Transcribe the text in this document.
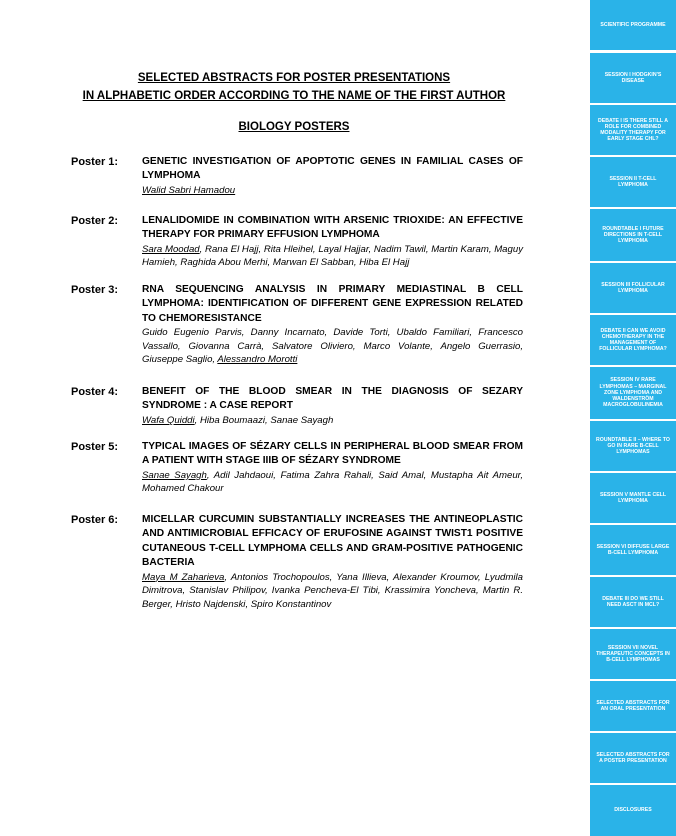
SELECTED ABSTRACTS FOR POSTER PRESENTATIONS
IN ALPHABETIC ORDER ACCORDING TO THE NAME OF THE FIRST AUTHOR
BIOLOGY POSTERS
Poster 1: GENETIC INVESTIGATION OF APOPTOTIC GENES IN FAMILIAL CASES OF LYMPHOMA
Walid Sabri Hamadou
Poster 2: LENALIDOMIDE IN COMBINATION WITH ARSENIC TRIOXIDE: AN EFFECTIVE THERAPY FOR PRIMARY EFFUSION LYMPHOMA
Sara Moodad, Rana El Hajj, Rita Hleihel, Layal Hajjar, Nadim Tawil, Martin Karam, Maguy Hamieh, Raghida Abou Merhi, Marwan El Sabban, Hiba El Hajj
Poster 3: RNA SEQUENCING ANALYSIS IN PRIMARY MEDIASTINAL B CELL LYMPHOMA: IDENTIFICATION OF DIFFERENT GENE EXPRESSION RELATED TO CHEMORESISTANCE
Guido Eugenio Parvis, Danny Incarnato, Davide Torti, Ubaldo Familiari, Francesco Vassallo, Giovanna Carrà, Salvatore Oliviero, Marco Volante, Angelo Guerrasio, Giuseppe Saglio, Alessandro Morotti
Poster 4: BENEFIT OF THE BLOOD SMEAR IN THE DIAGNOSIS OF SEZARY SYNDROME : A CASE REPORT
Wafa Quiddi, Hiba Boumaazi, Sanae Sayagh
Poster 5: TYPICAL IMAGES OF SÉZARY CELLS IN PERIPHERAL BLOOD SMEAR FROM A PATIENT WITH STAGE IIIB OF SÉZARY SYNDROME
Sanae Sayagh, Adil Jahdaoui, Fatima Zahra Rahali, Said Amal, Mustapha Ait Ameur, Mohamed Chakour
Poster 6: MICELLAR CURCUMIN SUBSTANTIALLY INCREASES THE ANTINEOPLASTIC AND ANTIMICROBIAL EFFICACY OF ERUFOSINE AGAINST TWIST1 POSITIVE CUTANEOUS T-CELL LYMPHOMA CELLS AND GRAM-POSITIVE PATHOGENIC BACTERIA
Maya M Zaharieva, Antonios Trochopoulos, Yana Illieva, Alexander Kroumov, Lyudmila Dimitrova, Stanislav Philipov, Ivanka Pencheva-El Tibi, Krassimira Yoncheva, Martin R. Berger, Hristo Najdenski, Spiro Konstantinov
SCIENTIFIC PROGRAMME
SESSION I HODGKIN'S DISEASE
DEBATE I IS THERE STILL A ROLE FOR COMBINED MODALITY THERAPY FOR EARLY STAGE CHL?
SESSION II T-CELL LYMPHOMA
ROUNDTABLE I FUTURE DIRECTIONS IN T-CELL LYMPHOMA
SESSION III FOLLICULAR LYMPHOMA
DEBATE II CAN WE AVOID CHEMOTHERAPY IN THE MANAGEMENT OF FOLLICULAR LYMPHOMA?
SESSION IV RARE LYMPHOMAS – MARGINAL ZONE LYMPHOMA AND WALDENSTRÖM MACROGLOBULINEMIA
ROUNDTABLE II – WHERE TO GO IN RARE B-CELL LYMPHOMAS
SESSION V MANTLE CELL LYMPHOMA
SESSION VI DIFFUSE LARGE B-CELL LYMPHOMA
DEBATE III DO WE STILL NEED ASCT IN MCL?
SESSION VII NOVEL THERAPEUTIC CONCEPTS IN B-CELL LYMPHOMAS
SELECTED ABSTRACTS FOR AN ORAL PRESENTATION
SELECTED ABSTRACTS FOR A POSTER PRESENTATION
DISCLOSURES
